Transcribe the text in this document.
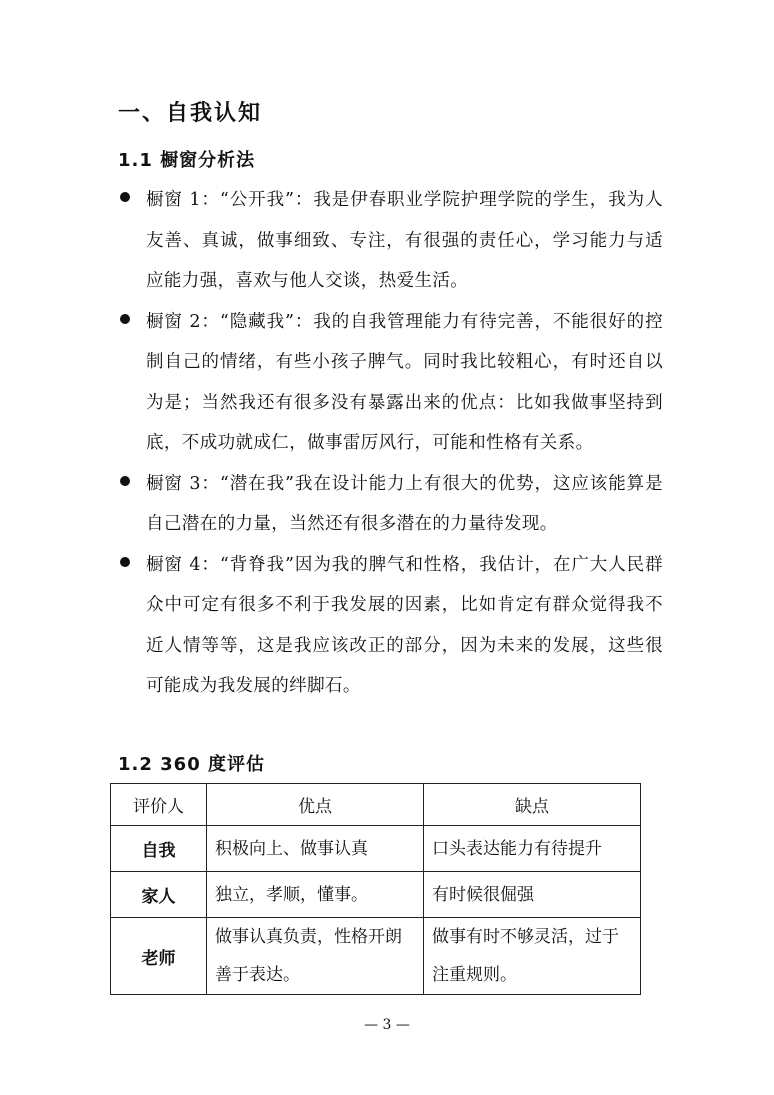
一、自我认知
1.1 橱窗分析法
橱窗 1：“公开我”：我是伊春职业学院护理学院的学生，我为人友善、真诚，做事细致、专注，有很强的责任心，学习能力与适应能力强，喜欢与他人交谈，热爱生活。
橱窗 2：“隐藏我”：我的自我管理能力有待完善，不能很好的控制自己的情绪，有些小孩子脾气。同时我比较粗心，有时还自以为是；当然我还有很多没有暴露出来的优点：比如我做事坚持到底，不成功就成仁，做事雷厉风行，可能和性格有关系。
橱窗 3：“潜在我”我在设计能力上有很大的优势，这应该能算是自己潜在的力量，当然还有很多潜在的力量待发现。
橱窗 4：“背脊我”因为我的脾气和性格，我估计，在广大人民群众中可定有很多不利于我发展的因素，比如肯定有群众觉得我不近人情等等，这是我应该改正的部分，因为未来的发展，这些很可能成为我发展的绊脚石。
1.2 360 度评估
评价人	优点	缺点
自我	积极向上、做事认真	口头表达能力有待提升
家人	独立，孝顺，懂事。	有时候很倔强
老师	做事认真负责，性格开朗善于表达。	做事有时不够灵活，过于注重规则。
— 3 —
